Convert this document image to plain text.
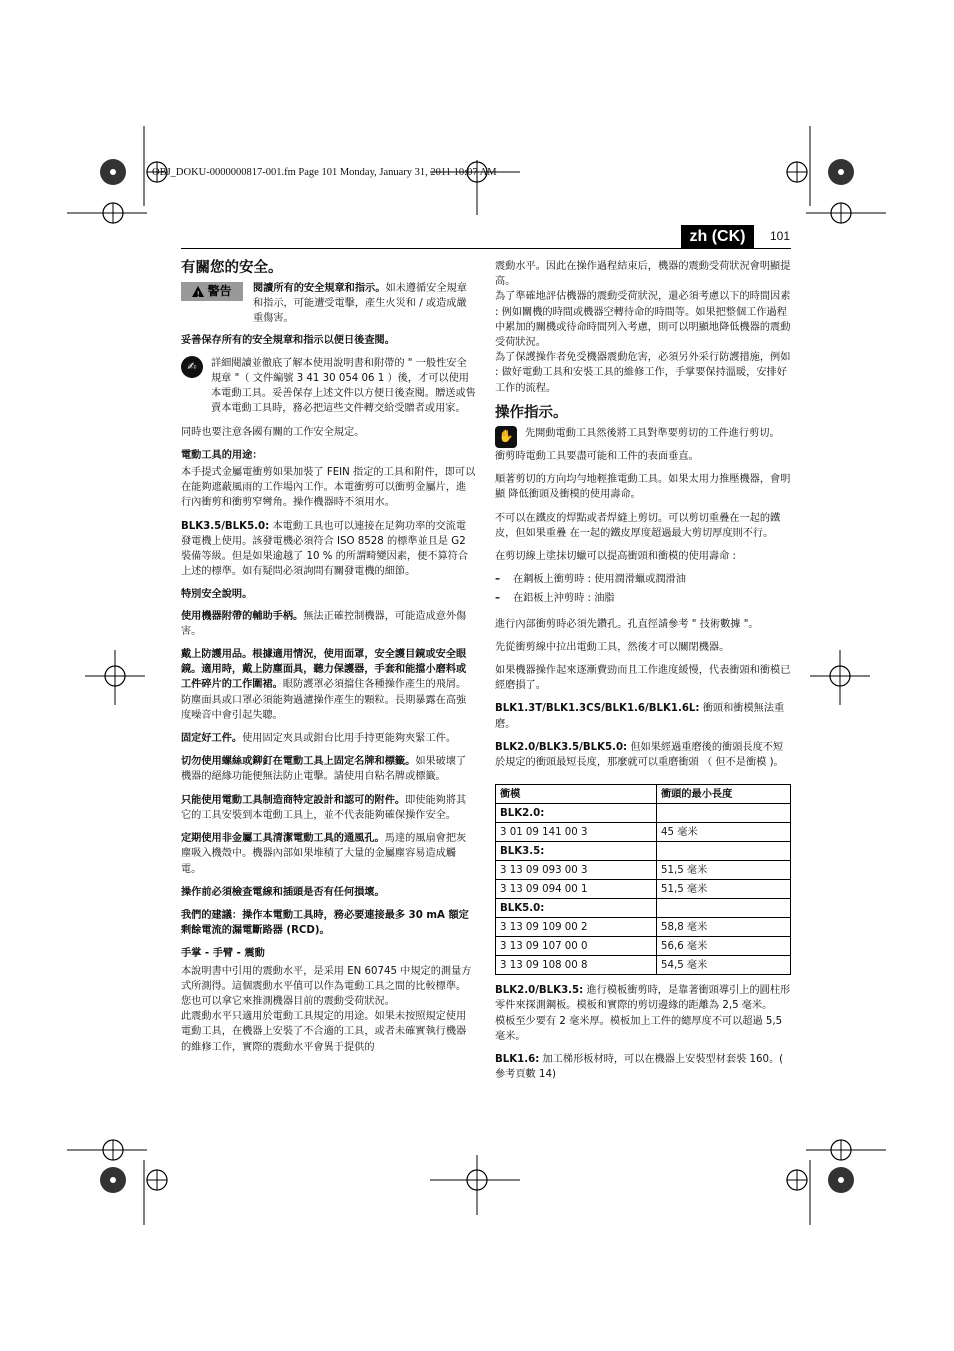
OBJ_DOKU-0000000817-001.fm Page 101 Monday, January 31, 2011 10:07 AM
zh (CK)	101
有關您的安全。
!
警告 閱讀所有的安全規章和指示。如未遵循安全規章和指示，可能遭受電擊，產生火災和 / 或造成嚴重傷害。

妥善保存所有的安全規章和指示以便日後查閱。

✍	詳細閱讀並徹底了解本使用說明書和附帶的 " 一般性安全規章 "（ 文件編號 3 41 30 054 06 1 ）後，才可以使用本電動工具。妥善保存上述文件以方便日後查閱。贈送或售賣本電動工具時，務必把這些文件轉交給受贈者或用家。

同時也要注意各國有關的工作安全規定。

電動工具的用途：

本手提式金屬電衝剪如果加裝了 FEIN 指定的工具和附件，即可以在能夠遮蔽風雨的工作場內工作。本電衝剪可以衝剪金屬片，進行內衝剪和衝剪窄彎角。操作機器時不須用水。

BLK3.5/BLK5.0: 本電動工具也可以連接在足夠功率的交流電發電機上使用。該發電機必須符合 ISO 8528 的標準並且是 G2 裝備等級。但是如果逾越了 10 % 的所謂畸變因素，便不算符合上述的標準。如有疑問必須詢問有關發電機的細節。

特別安全說明。

使用機器附帶的輔助手柄。無法正確控制機器，可能造成意外傷害。

戴上防護用品。根據適用情況，使用面罩，安全護目鏡或安全眼鏡。適用時，戴上防塵面具，聽力保護器，手套和能擋小磨料或工件碎片的工作圍裙。眼防護罩必須擋住各種操作產生的飛屑。防塵面具或口罩必須能夠過濾操作產生的顆粒。長期暴露在高強度噪音中會引起失聰。

固定好工件。使用固定夾具或鉗台比用手持更能夠夾緊工件。

切勿使用螺絲或鉚釘在電動工具上固定名牌和標籤。如果破壞了機器的絕緣功能便無法防止電擊。請使用自粘名牌或標籤。

只能使用電動工具制造商特定設計和認可的附件。即使能夠將其它的工具安裝到本電動工具上，並不代表能夠確保操作安全。

定期使用非金屬工具清潔電動工具的通風孔。馬達的風扇會把灰塵吸入機殼中。機器內部如果堆積了大量的金屬塵容易造成觸電。

操作前必須檢查電線和插頭是否有任何損壞。

我們的建議：操作本電動工具時，務必要連接最多 30 mA 額定剩餘電流的漏電斷路器 (RCD)。

手掌 - 手臂 - 震動
本說明書中引用的震動水平，是采用 EN 60745 中規定的測量方式所測得。這個震動水平值可以作為電動工具之間的比較標準。您也可以拿它來推測機器目前的震動受荷狀況。
此震動水平只適用於電動工具規定的用途。如果未按照規定使用電動工具，在機器上安裝了不合適的工具，或者未確實執行機器的維修工作，實際的震動水平會異于提供的
震動水平。因此在操作過程結束后，機器的震動受荷狀況會明顯提高。
為了準確地評估機器的震動受荷狀況，還必須考慮以下的時間因素 : 例如關機的時間或機器空轉待命的時間等。如果把整個工作過程中累加的關機或待命時間列入考慮，則可以明顯地降低機器的震動受荷狀況。

為了保護操作者免受機器震動危害，必須另外采行防護措施，例如 : 做好電動工具和安裝工具的維修工作，手掌要保持溫暖，安排好工作的流程。

操作指示。
✋	先開動電動工具然後將工具對準要剪切的工件進行剪切。

衝剪時電動工具要盡可能和工件的表面垂直。

順著剪切的方向均勻地輕推電動工具。如果太用力推壓機器，會明顯 降低衝頭及衝模的使用壽命。

不可以在鐵皮的焊點或者焊縫上剪切。可以剪切重疊在一起的鐵皮，但如果重疊 在一起的鐵皮厚度超過最大剪切厚度則不行。

在剪切線上塗抹切蠟可以提高衝頭和衝模的使用壽命 :

–	在鋼板上衝剪時 : 使用潤滑蠟或潤滑油
–	在鋁板上沖剪時 : 油脂

進行內部衝剪時必須先鑽孔。孔直徑請參考 " 技術數據 "。

先從衝剪線中拉出電動工具，然後才可以關閉機器。

如果機器操作起來逐漸費勁而且工作進度緩慢，代表衝頭和衝模已經磨損了。

BLK1.3T/BLK1.3CS/BLK1.6/BLK1.6L: 衝頭和衝模無法重磨。

BLK2.0/BLK3.5/BLK5.0: 但如果經過重磨後的衝頭長度不短於規定的衝頭最短長度，那麼就可以重磨衝頭 （ 但不是衝模 )。

衝模	衝頭的最小長度
BLK2.0:	
3 01 09 141 00 3	45 毫米
BLK3.5:	
3 13 09 093 00 3	51,5 毫米
3 13 09 094 00 1	51,5 毫米
BLK5.0:	
3 13 09 109 00 2	58,8 毫米
3 13 09 107 00 0	56,6 毫米
3 13 09 108 00 8	54,5 毫米
BLK2.0/BLK3.5: 進行模板衝剪時，是靠著衝頭導引上的圓柱形零件來探測鋼板。模板和實際的剪切邊緣的距離為 2,5 毫米。

模板至少要有 2 毫米厚。模板加上工件的總厚度不可以超過 5,5 毫米。

BLK1.6: 加工梯形板材時，可以在機器上安裝型材套裝 160。( 參考頁數 14)
